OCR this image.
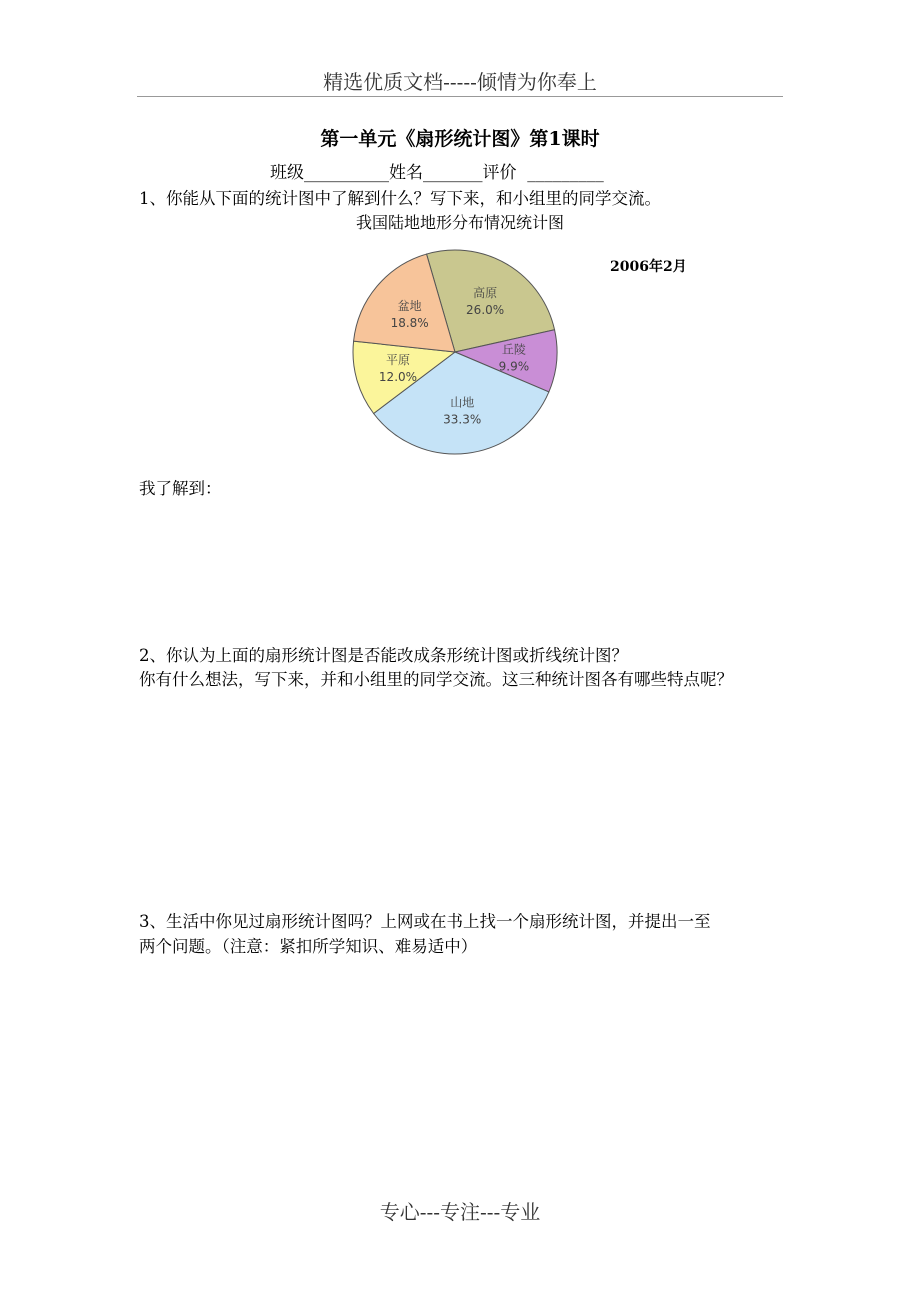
精选优质文档-----倾情为你奉上
第一单元《扇形统计图》第1课时
班级__________姓名_______评价  _________
1、你能从下面的统计图中了解到什么？写下来，和小组里的同学交流。
我国陆地地形分布情况统计图
2006年2月
高原
26.0%
丘陵
9.9%
山地
33.3%
平原
12.0%
盆地
18.8%
我了解到：
2、你认为上面的扇形统计图是否能改成条形统计图或折线统计图？
你有什么想法，写下来，并和小组里的同学交流。这三种统计图各有哪些特点呢？
3、生活中你见过扇形统计图吗？上网或在书上找一个扇形统计图，并提出一至
两个问题。（注意：紧扣所学知识、难易适中）
专心---专注---专业
